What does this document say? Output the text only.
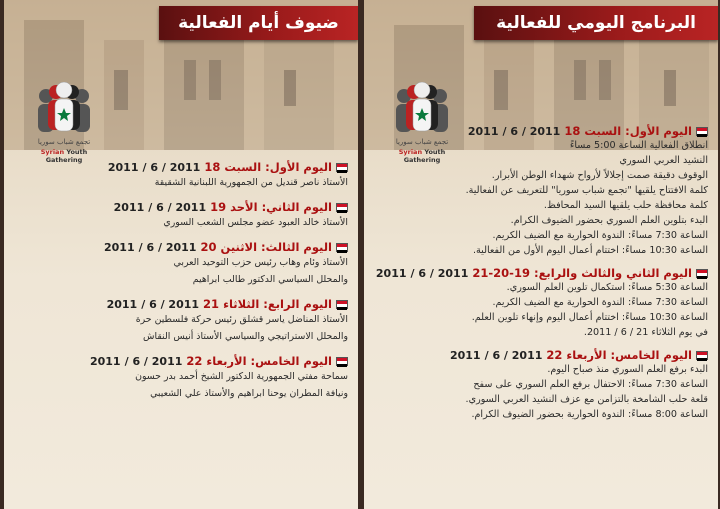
ضيوف أيام الفعالية
تجمع شباب سوريا
Syrian Youth Gathering	اليوم الأول: السبت 18
2011 / 6 /
2011
الأستاذ ناصر قنديل من الجمهورية اللبنانية الشقيقة
اليوم الثاني: الأحد 19
2011 / 6 /
2011
الأستاذ خالد العبود عضو مجلس الشعب السوري
اليوم الثالث: الاثنين 20
2011 / 6 /
2011
الأستاذ وئام وهاب رئيس حزب التوحيد العربي
والمحلل السياسي الدكتور طالب ابراهيم
اليوم الرابع: الثلاثاء 21
2011 / 6 /
2011
الأستاذ المناضل ياسر قشلق رئيس حركة فلسطين حرة
والمحلل الاستراتيجي والسياسي الأستاذ أنيس النقاش
اليوم الخامس: الأربعاء 22
2011 / 6 /
2011
سماحة مفتي الجمهورية الدكتور الشيخ أحمد بدر حسون
ونيافة المطران يوحنا ابراهيم والأستاذ علي الشعيبي
البرنامج اليومي للفعالية
تجمع شباب سوريا
Syrian Youth Gathering
اليوم الأول: السبت 18
2011 / 6 /
2011
انطلاق الفعالية الساعة 5:00 مساءً
النشيد العربي السوري
الوقوف دقيقة صمت إجلالاً لأرواح شهداء الوطن الأبرار.
كلمة الافتتاح يلقيها "تجمع شباب سوريا" للتعريف عن الفعالية.
كلمة محافظة حلب يلقيها السيد المحافظ.
البدء بتلوين العلم السوري بحضور الضيوف الكرام.
الساعة 7:30 مساءً: الندوة الحوارية مع الضيف الكريم.
الساعة 10:30 مساءً: اختتام أعمال اليوم الأول من الفعالية.
اليوم الثاني والثالث والرابع: 19-20-21
2011 / 6 /
2011
الساعة 5:30 مساءً: استكمال تلوين العلم السوري.
الساعة 7:30 مساءً: الندوة الحوارية مع الضيف الكريم.
الساعة 10:30 مساءً: اختتام أعمال اليوم وإنهاء تلوين العلم.
في يوم الثلاثاء 21 / 6 / 2011.
اليوم الخامس: الأربعاء 22
2011 / 6 /
2011
البدء برفع العلم السوري منذ صباح اليوم.
الساعة 7:30 مساءً: الاحتفال برفع العلم السوري على سفح
قلعة حلب الشامخة بالتزامن مع عزف النشيد العربي السوري.
الساعة 8:00 مساءً: الندوة الحوارية بحضور الضيوف الكرام.
